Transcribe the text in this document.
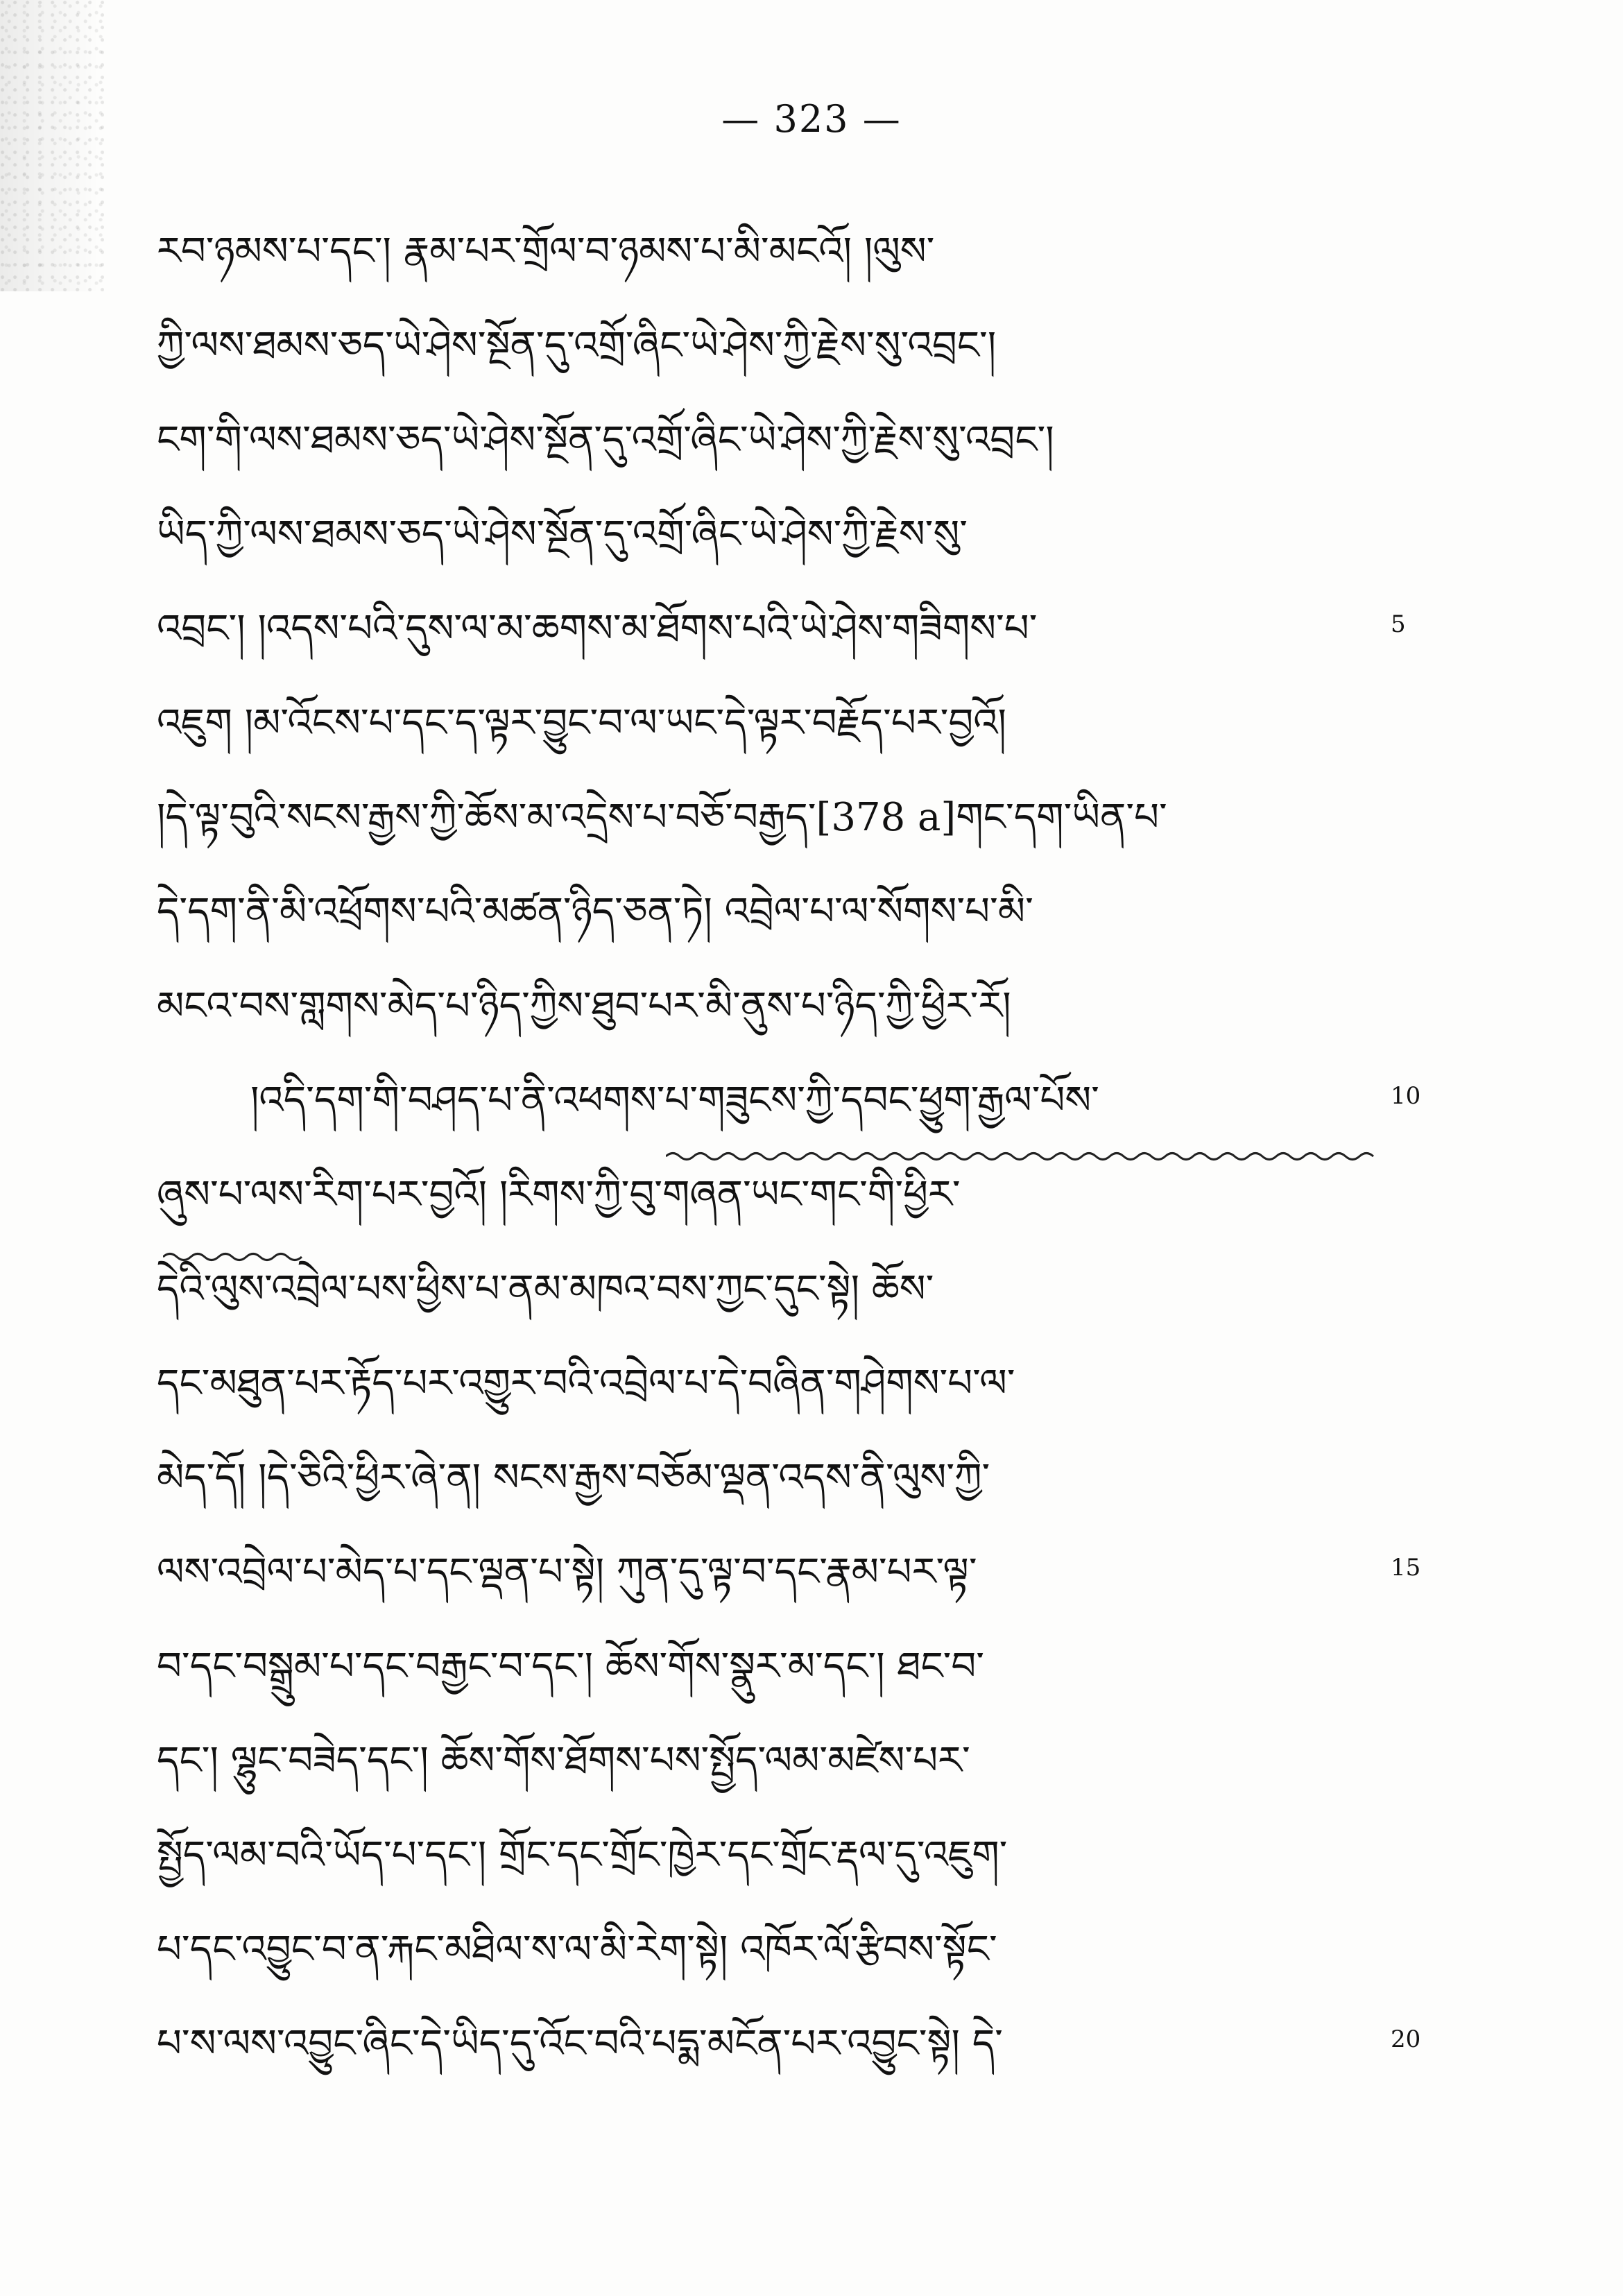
— 323 —
རབ་ཉམས་པ་དང་། རྣམ་པར་གྲོལ་བ་ཉམས་པ་མི་མངའོ། །ལུས་
ཀྱི་ལས་ཐམས་ཅད་ཡེ་ཤེས་སྔོན་དུ་འགྲོ་ཞིང་ཡེ་ཤེས་ཀྱི་རྗེས་སུ་འབྲང་།
ངག་གི་ལས་ཐམས་ཅད་ཡེ་ཤེས་སྔོན་དུ་འགྲོ་ཞིང་ཡེ་ཤེས་ཀྱི་རྗེས་སུ་འབྲང་།
ཡིད་ཀྱི་ལས་ཐམས་ཅད་ཡེ་ཤེས་སྔོན་དུ་འགྲོ་ཞིང་ཡེ་ཤེས་ཀྱི་རྗེས་སུ་
འབྲང་། །འདས་པའི་དུས་ལ་མ་ཆགས་མ་ཐོགས་པའི་ཡེ་ཤེས་གཟིགས་པ་
འཇུག །མ་འོངས་པ་དང་ད་ལྟར་བྱུང་བ་ལ་ཡང་དེ་ལྟར་བརྗོད་པར་བྱའོ།
།དེ་ལྟ་བུའི་སངས་རྒྱས་ཀྱི་ཆོས་མ་འདྲེས་པ་བཅོ་བརྒྱད་[378 a]གང་དག་ཡིན་པ་
དེ་དག་ནི་མི་འཕྲོགས་པའི་མཚན་ཉིད་ཅན་ཏེ། འབྲེལ་པ་ལ་སོགས་པ་མི་
མངའ་བས་གླགས་མེད་པ་ཉིད་ཀྱིས་ཐུབ་པར་མི་ནུས་པ་ཉིད་ཀྱི་ཕྱིར་རོ།
།འདི་དག་གི་བཤད་པ་ནི་འཕགས་པ་གཟུངས་ཀྱི་དབང་ཕྱུག་རྒྱལ་པོས་
ཞུས་པ་ལས་རིག་པར་བྱའོ། །རིགས་ཀྱི་བུ་གཞན་ཡང་གང་གི་ཕྱིར་
དེའི་ལུས་འབྲེལ་པས་ཕྱིས་པ་ནམ་མཁའ་བས་ཀྱང་དུང་སྟེ། ཆོས་
དང་མཐུན་པར་རྟོད་པར་འགྱུར་བའི་འབྲེལ་པ་དེ་བཞིན་གཤེགས་པ་ལ་
མེད་དོ། །དེ་ཅིའི་ཕྱིར་ཞེ་ན། སངས་རྒྱས་བཅོམ་ལྡན་འདས་ནི་ལུས་ཀྱི་
ལས་འབྲེལ་པ་མེད་པ་དང་ལྡན་པ་སྟེ། ཀུན་དུ་ལྟ་བ་དང་རྣམ་པར་ལྟ་
བ་དང་བསྒྲུམ་པ་དང་བརྒྱང་བ་དང་། ཆོས་གོས་སྣུར་མ་དང་། ཐང་བ་
དང་། ལྷུང་བཟེད་དང་། ཆོས་གོས་ཐོགས་པས་སྤྱོད་ལམ་མཛེས་པར་
སྤྱོད་ལམ་བའི་ཡོད་པ་དང་། གྲོང་དང་གྲོང་ཁྱེར་དང་གྲོང་རྡལ་དུ་འཇུག་
པ་དང་འབྱུང་བ་ན་རྐང་མཐིལ་ས་ལ་མི་རེག་སྟེ། འཁོར་ལོ་རྩིབས་སྟོང་
པ་ས་ལས་འབྱུང་ཞིང་དེ་ཡིད་དུ་འོང་བའི་པདྨ་མངོན་པར་འབྱུང་སྟེ། དེ་
5
10
15
20
